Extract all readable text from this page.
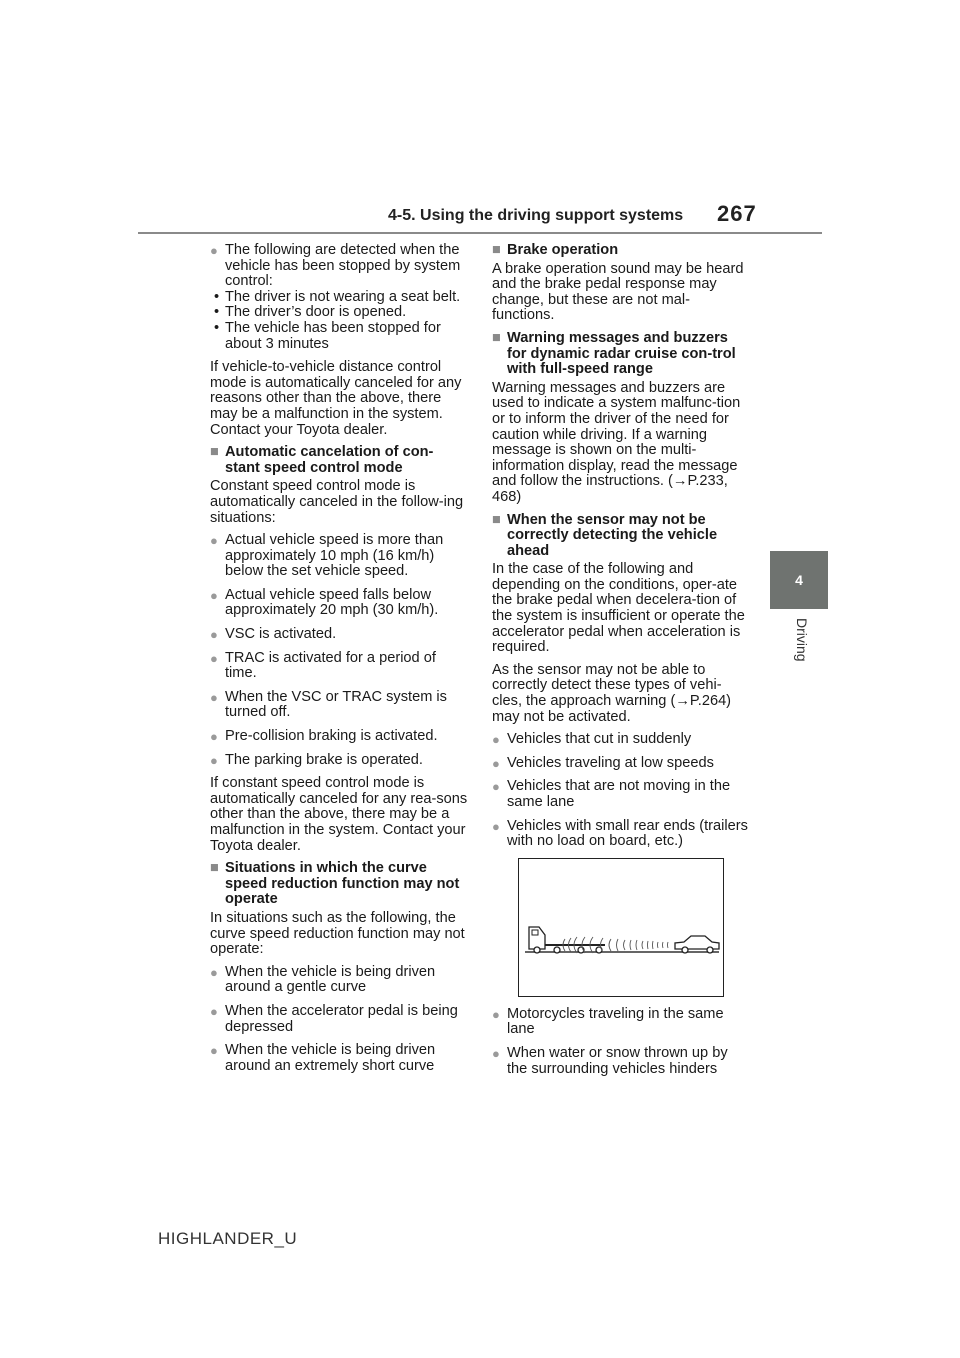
4-5. Using the driving support systems 267
4
Driving

● The following are detected when the vehicle has been stopped by system control:

• The driver is not wearing a seat belt.

• The driver’s door is opened.

• The vehicle has been stopped for about 3 minutes

If vehicle-to-vehicle distance control mode is automatically canceled for any reasons other than the above, there may be a malfunction in the system. Contact your Toyota dealer.

■ Automatic cancelation of con-stant speed control mode

Constant speed control mode is automatically canceled in the follow-ing situations:

● Actual vehicle speed is more than approximately 10 mph (16 km/h) below the set vehicle speed.

● Actual vehicle speed falls below approximately 20 mph (30 km/h).

● VSC is activated.

● TRAC is activated for a period of time.

● When the VSC or TRAC system is turned off.

● Pre-collision braking is activated.

● The parking brake is operated.

If constant speed control mode is automatically canceled for any rea-sons other than the above, there may be a malfunction in the system. Contact your Toyota dealer.

■ Situations in which the curve speed reduction function may not operate

In situations such as the following, the curve speed reduction function may not operate:

● When the vehicle is being driven around a gentle curve

● When the accelerator pedal is being depressed

● When the vehicle is being driven around an extremely short curve

■ Brake operation

A brake operation sound may be heard and the brake pedal response may change, but these are not mal-functions.

■ Warning messages and buzzers for dynamic radar cruise con-trol with full-speed range

Warning messages and buzzers are used to indicate a system malfunc-tion or to inform the driver of the need for caution while driving. If a warning message is shown on the multi-information display, read the message and follow the instructions. (→P.233, 468)

■ When the sensor may not be correctly detecting the vehicle ahead

In the case of the following and depending on the conditions, oper-ate the brake pedal when decelera-tion of the system is insufficient or operate the accelerator pedal when acceleration is required.

As the sensor may not be able to correctly detect these types of vehi-cles, the approach warning (→P.264) may not be activated.

● Vehicles that cut in suddenly

● Vehicles traveling at low speeds

● Vehicles that are not moving in the same lane

● Vehicles with small rear ends (trailers with no load on board, etc.)

● Motorcycles traveling in the same lane

● When water or snow thrown up by the surrounding vehicles hinders

HIGHLANDER_U
